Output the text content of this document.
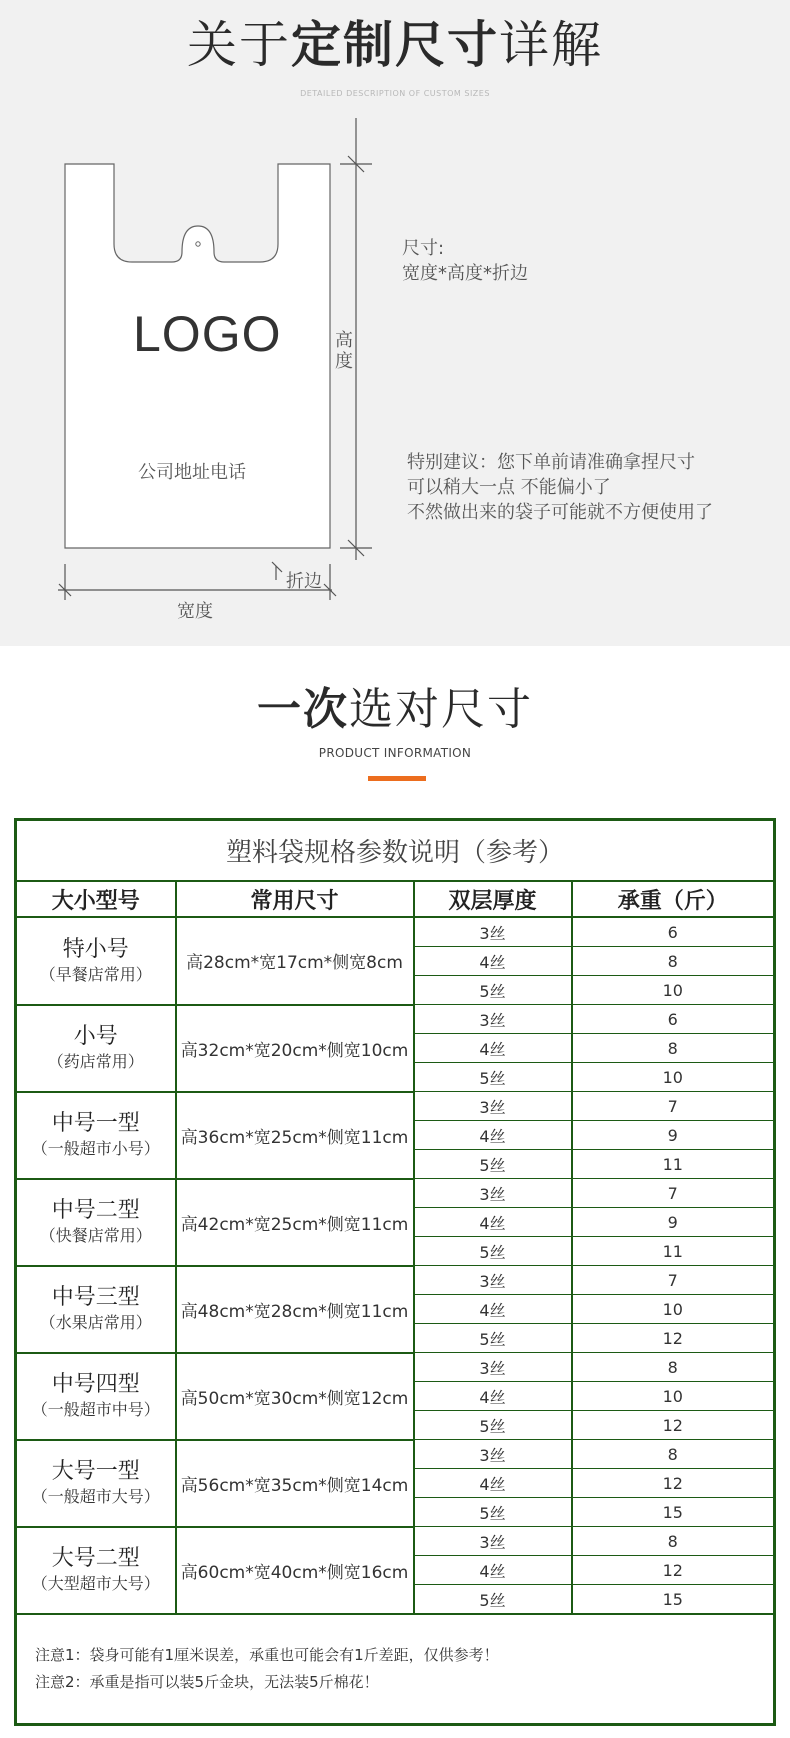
关于定制尺寸详解
DETAILED DESCRIPTION OF CUSTOM SIZES
LOGO
公司地址电话
高度
折边
宽度
尺寸:
宽度*高度*折边
特别建议：您下单前请准确拿捏尺寸
可以稍大一点 不能偏小了
不然做出来的袋子可能就不方便使用了
一次选对尺寸
PRODUCT INFORMATION
塑料袋规格参数说明（参考）			
大小型号	常用尺寸	双层厚度	承重（斤）

特小号
（早餐店常用）	高28cm*宽17cm*侧宽8cm	3丝	6
		4丝	8
		5丝	10

小号
（药店常用）	高32cm*宽20cm*侧宽10cm	3丝	6
		4丝	8
		5丝	10

中号一型
（一般超市小号）	高36cm*宽25cm*侧宽11cm	3丝	7
		4丝	9
		5丝	11

中号二型
（快餐店常用）	高42cm*宽25cm*侧宽11cm	3丝	7
		4丝	9
		5丝	11

中号三型
（水果店常用）	高48cm*宽28cm*侧宽11cm	3丝	7
		4丝	10
		5丝	12

中号四型
（一般超市中号）	高50cm*宽30cm*侧宽12cm	3丝	8
		4丝	10
		5丝	12

大号一型
（一般超市大号）	高56cm*宽35cm*侧宽14cm	3丝	8
		4丝	12
		5丝	15

大号二型
（大型超市大号）	高60cm*宽40cm*侧宽16cm	3丝	8
		4丝	12
		5丝	15

注意1：袋身可能有1厘米误差，承重也可能会有1斤差距，仅供参考！
注意2：承重是指可以装5斤金块，无法装5斤棉花！			
